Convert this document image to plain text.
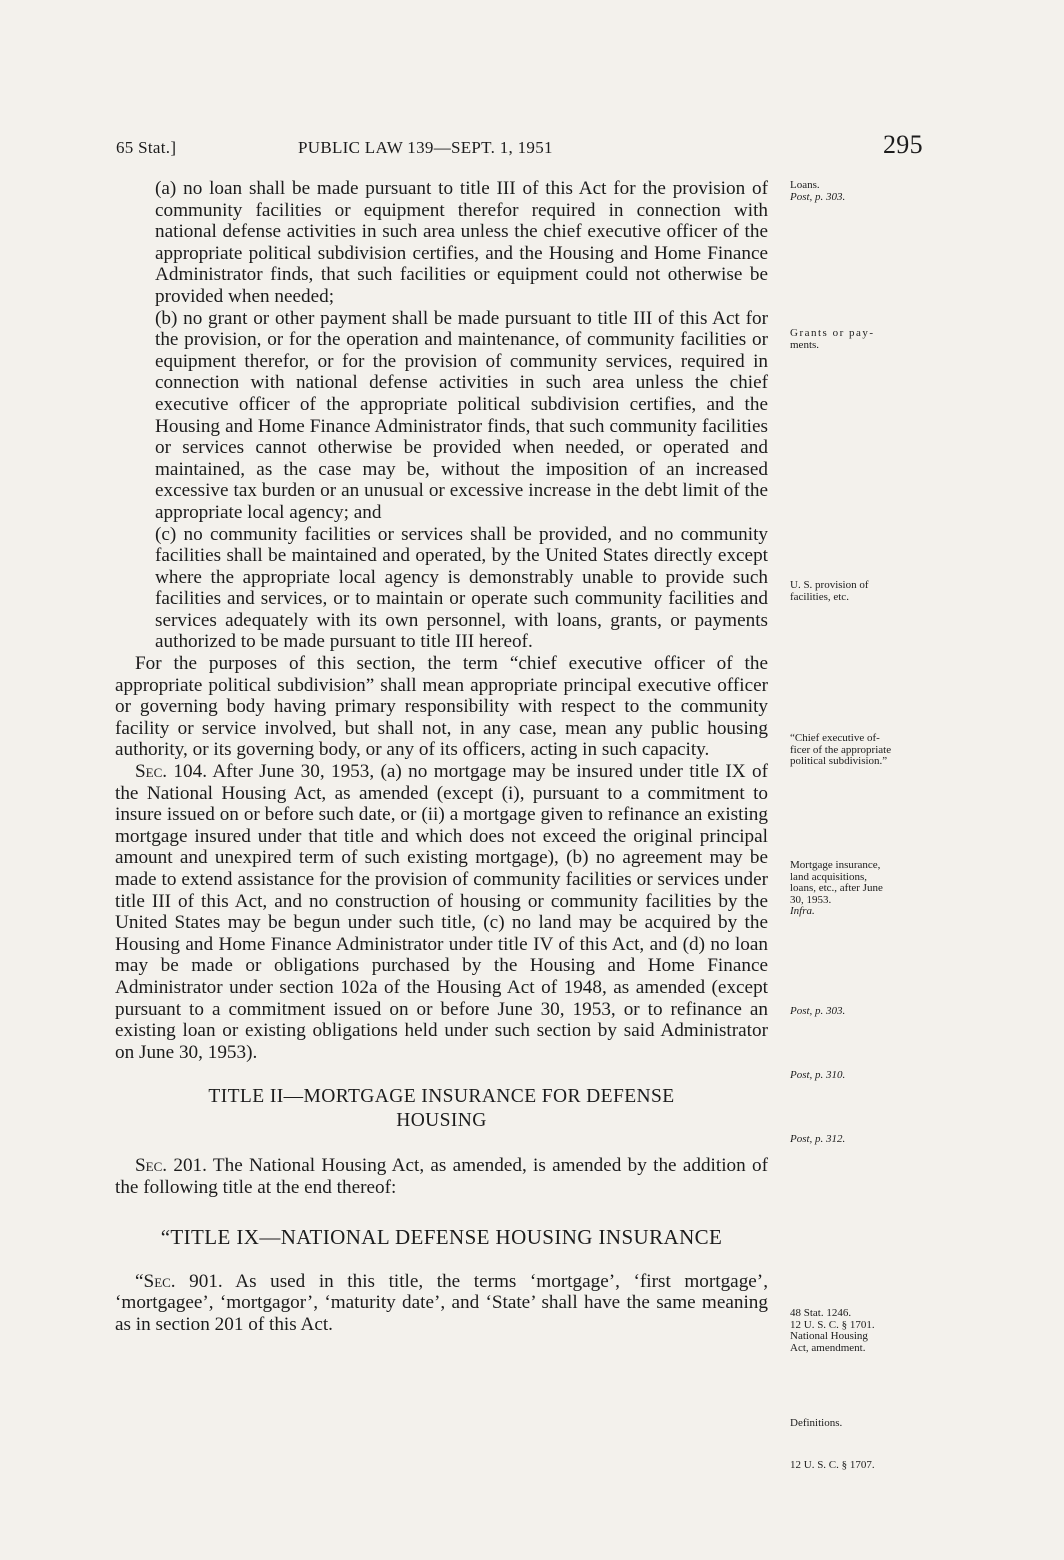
65 Stat.]	PUBLIC LAW 139—SEPT. 1, 1951	295

(a) no loan shall be made pursuant to title III of this Act for the provision of community facilities or equipment therefor required in connection with national defense activities in such area unless the chief executive officer of the appropriate political subdivision certifies, and the Housing and Home Finance Administrator finds, that such facilities or equipment could not otherwise be provided when needed;

(b) no grant or other payment shall be made pursuant to title III of this Act for the provision, or for the operation and maintenance, of community facilities or equipment therefor, or for the provision of community services, required in connection with national defense activities in such area unless the chief executive officer of the appropriate political subdivision certifies, and the Housing and Home Finance Administrator finds, that such community facilities or services cannot otherwise be provided when needed, or operated and maintained, as the case may be, without the imposition of an increased excessive tax burden or an unusual or excessive increase in the debt limit of the appropriate local agency; and

(c) no community facilities or services shall be provided, and no community facilities shall be maintained and operated, by the United States directly except where the appropriate local agency is demonstrably unable to provide such facilities and services, or to maintain or operate such community facilities and services adequately with its own personnel, with loans, grants, or payments authorized to be made pursuant to title III hereof.

For the purposes of this section, the term “chief executive officer of the appropriate political subdivision” shall mean appropriate principal executive officer or governing body having primary responsibility with respect to the community facility or service involved, but shall not, in any case, mean any public housing authority, or its governing body, or any of its officers, acting in such capacity.

Sec. 104. After June 30, 1953, (a) no mortgage may be insured under title IX of the National Housing Act, as amended (except (i), pursuant to a commitment to insure issued on or before such date, or (ii) a mortgage given to refinance an existing mortgage insured under that title and which does not exceed the original principal amount and unexpired term of such existing mortgage), (b) no agreement may be made to extend assistance for the provision of community facilities or services under title III of this Act, and no construction of housing or community facilities by the United States may be begun under such title, (c) no land may be acquired by the Housing and Home Finance Administrator under title IV of this Act, and (d) no loan may be made or obligations purchased by the Housing and Home Finance Administrator under section 102a of the Housing Act of 1948, as amended (except pursuant to a commitment issued on or before June 30, 1953, or to refinance an existing loan or existing obligations held under such section by said Administrator on June 30, 1953).

TITLE II—MORTGAGE INSURANCE FOR DEFENSE

HOUSING

Sec. 201. The National Housing Act, as amended, is amended by the addition of the following title at the end thereof:

“TITLE IX—NATIONAL DEFENSE HOUSING INSURANCE

“Sec. 901. As used in this title, the terms ‘mortgage’, ‘first mortgage’, ‘mortgagee’, ‘mortgagor’, ‘maturity date’, and ‘State’ shall have the same meaning as in section 201 of this Act.

Loans.
Post, p. 303.
Grants or pay-
ments.
U. S. provision of
facilities, etc.
“Chief executive of-
ficer of the appropriate
political subdivision.”
Mortgage insurance,
land acquisitions,
loans, etc., after June
30, 1953.
Infra.
Post, p. 303.
Post, p. 310.
Post, p. 312.
48 Stat. 1246.
12 U. S. C. § 1701.
National Housing
Act, amendment.
Definitions.
12 U. S. C. § 1707.
